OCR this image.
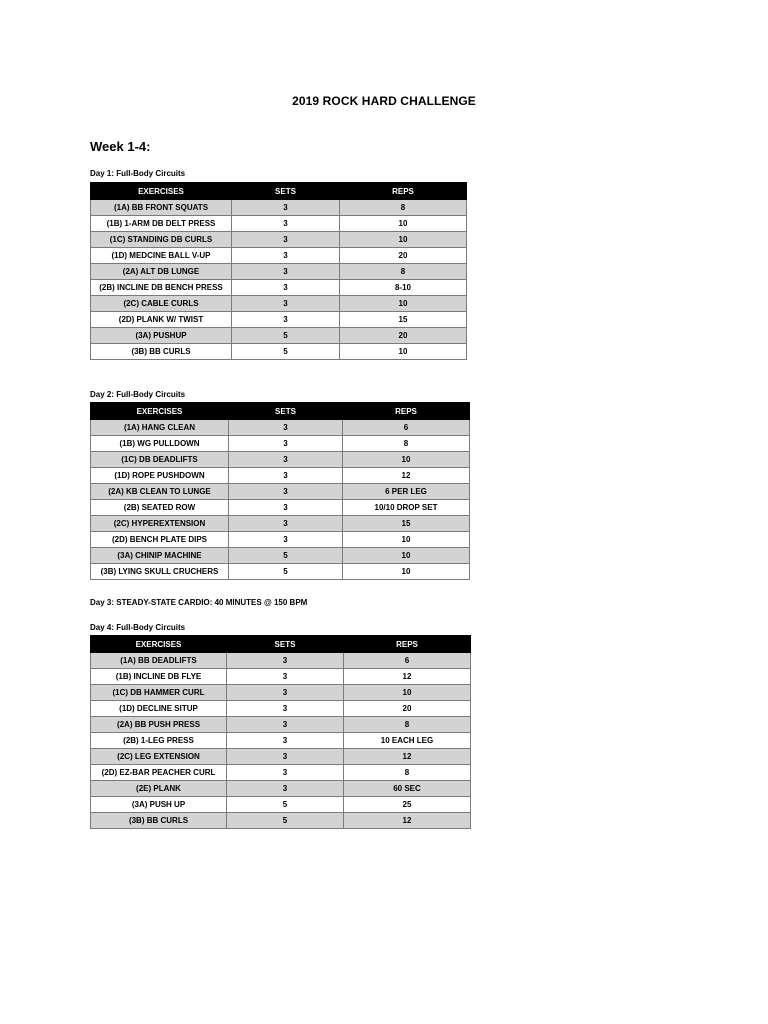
2019 ROCK HARD CHALLENGE
Week 1-4:
Day 1: Full-Body Circuits
EXERCISES	SETS	REPS
(1A) BB FRONT SQUATS	3	8
(1B) 1-ARM DB DELT PRESS	3	10
(1C) STANDING DB CURLS	3	10
(1D) MEDCINE BALL V-UP	3	20
(2A) ALT DB LUNGE	3	8
(2B) INCLINE DB BENCH PRESS	3	8-10
(2C) CABLE CURLS	3	10
(2D) PLANK W/ TWIST	3	15
(3A) PUSHUP	5	20
(3B) BB CURLS	5	10
Day 2: Full-Body Circuits
EXERCISES	SETS	REPS
(1A) HANG CLEAN	3	6
(1B) WG PULLDOWN	3	8
(1C) DB DEADLIFTS	3	10
(1D) ROPE PUSHDOWN	3	12
(2A) KB CLEAN TO LUNGE	3	6 PER LEG
(2B) SEATED ROW	3	10/10 DROP SET
(2C) HYPEREXTENSION	3	15
(2D) BENCH PLATE DIPS	3	10
(3A) CHINIP MACHINE	5	10
(3B) LYING SKULL CRUCHERS	5	10
Day 3: STEADY-STATE CARDIO: 40 MINUTES @ 150 BPM
Day 4: Full-Body Circuits
EXERCISES	SETS	REPS
(1A) BB DEADLIFTS	3	6
(1B) INCLINE DB FLYE	3	12
(1C) DB HAMMER CURL	3	10
(1D) DECLINE SITUP	3	20
(2A) BB PUSH PRESS	3	8
(2B) 1-LEG PRESS	3	10 EACH LEG
(2C) LEG EXTENSION	3	12
(2D) EZ-BAR PEACHER CURL	3	8
(2E) PLANK	3	60 SEC
(3A) PUSH UP	5	25
(3B) BB CURLS	5	12
